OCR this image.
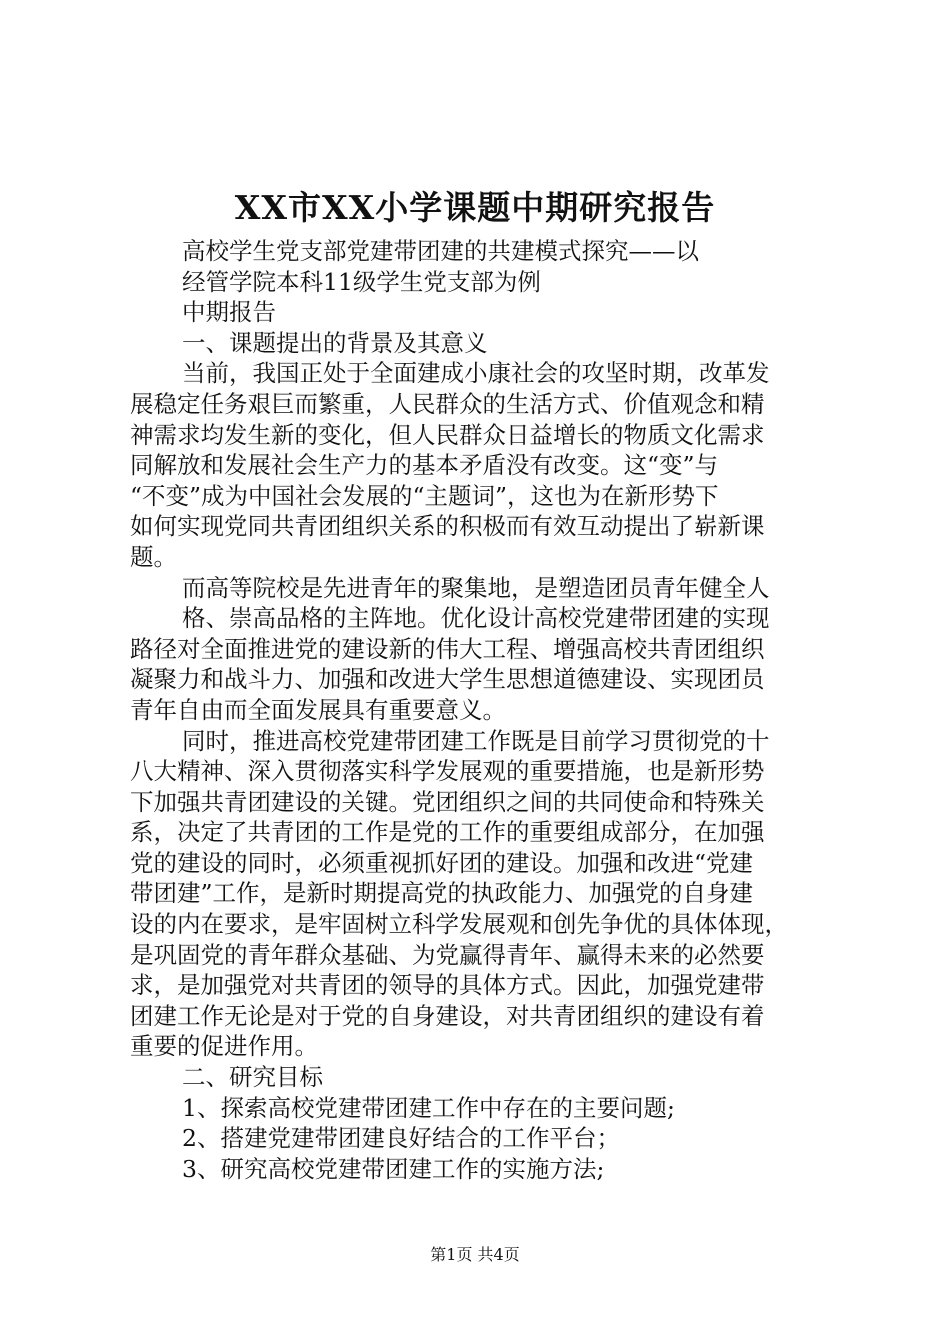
XX市XX小学课题中期研究报告

高校学生党支部党建带团建的共建模式探究——以

经管学院本科11级学生党支部为例

中期报告

一、课题提出的背景及其意义

当前，我国正处于全面建成小康社会的攻坚时期，改革发

展稳定任务艰巨而繁重，人民群众的生活方式、价值观念和精

神需求均发生新的变化，但人民群众日益增长的物质文化需求

同解放和发展社会生产力的基本矛盾没有改变。这“变”与

“不变”成为中国社会发展的“主题词”，这也为在新形势下

如何实现党同共青团组织关系的积极而有效互动提出了崭新课

题。

而高等院校是先进青年的聚集地，是塑造团员青年健全人

格、崇高品格的主阵地。优化设计高校党建带团建的实现

路径对全面推进党的建设新的伟大工程、增强高校共青团组织

凝聚力和战斗力、加强和改进大学生思想道德建设、实现团员

青年自由而全面发展具有重要意义。

同时，推进高校党建带团建工作既是目前学习贯彻党的十

八大精神、深入贯彻落实科学发展观的重要措施，也是新形势

下加强共青团建设的关键。党团组织之间的共同使命和特殊关

系，决定了共青团的工作是党的工作的重要组成部分，在加强

党的建设的同时，必须重视抓好团的建设。加强和改进“党建

带团建”工作，是新时期提高党的执政能力、加强党的自身建

设的内在要求，是牢固树立科学发展观和创先争优的具体体现，

是巩固党的青年群众基础、为党赢得青年、赢得未来的必然要

求，是加强党对共青团的领导的具体方式。因此，加强党建带

团建工作无论是对于党的自身建设，对共青团组织的建设有着

重要的促进作用。

二、研究目标

1、探索高校党建带团建工作中存在的主要问题;

2、搭建党建带团建良好结合的工作平台；

3、研究高校党建带团建工作的实施方法;

第1页 共4页
